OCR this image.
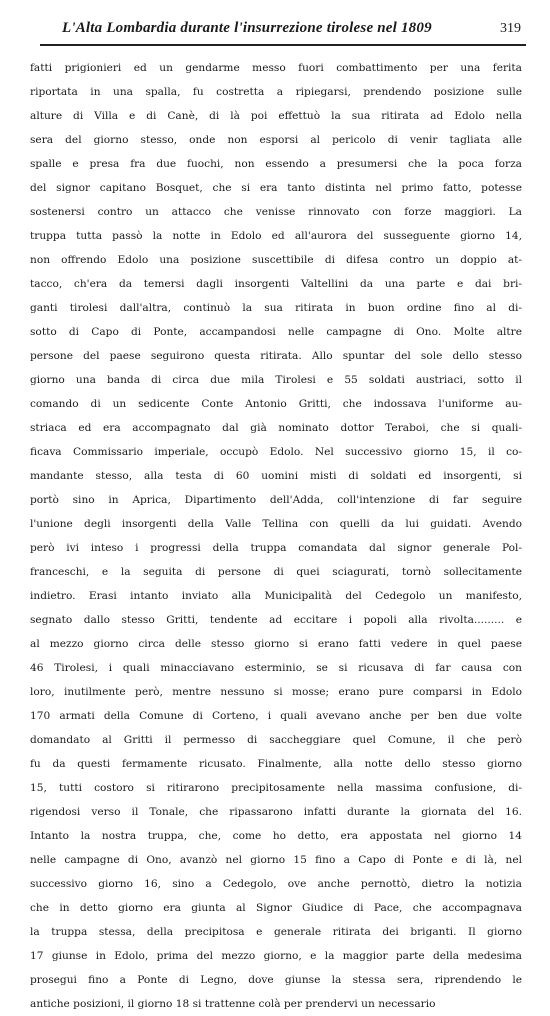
L'Alta Lombardia durante l'insurrezione tirolese nel 1809	319
fatti prigionieri ed un gendarme messo fuori combattimento per una ferita
riportata in una spalla, fu costretta a ripiegarsi, prendendo posizione sulle
alture di Villa e di Canè, di là poi effettuò la sua ritirata ad Edolo nella
sera del giorno stesso, onde non esporsi al pericolo di venir tagliata alle
spalle e presa fra due fuochi, non essendo a presumersi che la poca forza
del signor capitano Bosquet, che si era tanto distinta nel primo fatto, potesse
sostenersi contro un attacco che venisse rinnovato con forze maggiori. La
truppa tutta passò la notte in Edolo ed all'aurora del susseguente giorno 14,
non offrendo Edolo una posizione suscettibile di difesa contro un doppio at-
tacco, ch'era da temersi dagli insorgenti Valtellini da una parte e dai bri-
ganti tirolesi dall'altra, continuò la sua ritirata in buon ordine fino al di-
sotto di Capo di Ponte, accampandosi nelle campagne di Ono. Molte altre
persone del paese seguirono questa ritirata. Allo spuntar del sole dello stesso
giorno una banda di circa due mila Tirolesi e 55 soldati austriaci, sotto il
comando di un sedicente Conte Antonio Gritti, che indossava l'uniforme au-
striaca ed era accompagnato dal già nominato dottor Teraboi, che si quali-
ficava Commissario imperiale, occupò Edolo. Nel successivo giorno 15, il co-
mandante stesso, alla testa di 60 uomini misti di soldati ed insorgenti, si
portò sino in Aprica, Dipartimento dell'Adda, coll'intenzione di far seguire
l'unione degli insorgenti della Valle Tellina con quelli da lui guidati. Avendo
però ivi inteso i progressi della truppa comandata dal signor generale Pol-
franceschi, e la seguita di persone di quei sciagurati, tornò sollecitamente
indietro. Erasi intanto inviato alla Municipalità del Cedegolo un manifesto,
segnato dallo stesso Gritti, tendente ad eccitare i popoli alla rivolta......... e
al mezzo giorno circa delle stesso giorno si erano fatti vedere in quel paese
46 Tirolesi, i quali minacciavano esterminio, se si ricusava di far causa con
loro, inutilmente però, mentre nessuno si mosse; erano pure comparsi in Edolo
170 armati della Comune di Corteno, i quali avevano anche per ben due volte
domandato al Gritti il permesso di saccheggiare quel Comune, il che però
fu da questi fermamente ricusato. Finalmente, alla notte dello stesso giorno
15, tutti costoro si ritirarono precipitosamente nella massima confusione, di-
rigendosi verso il Tonale, che ripassarono infatti durante la giornata del 16.
Intanto la nostra truppa, che, come ho detto, era appostata nel giorno 14
nelle campagne di Ono, avanzò nel giorno 15 fino a Capo di Ponte e di là, nel
successivo giorno 16, sino a Cedegolo, ove anche pernottò, dietro la notizia
che in detto giorno era giunta al Signor Giudice di Pace, che accompagnava
la truppa stessa, della precipitosa e generale ritirata dei briganti. Il giorno
17 giunse in Edolo, prima del mezzo giorno, e la maggior parte della medesima
prosegui fino a Ponte di Legno, dove giunse la stessa sera, riprendendo le
antiche posizioni, il giorno 18 si trattenne colà per prendervi un necessario
